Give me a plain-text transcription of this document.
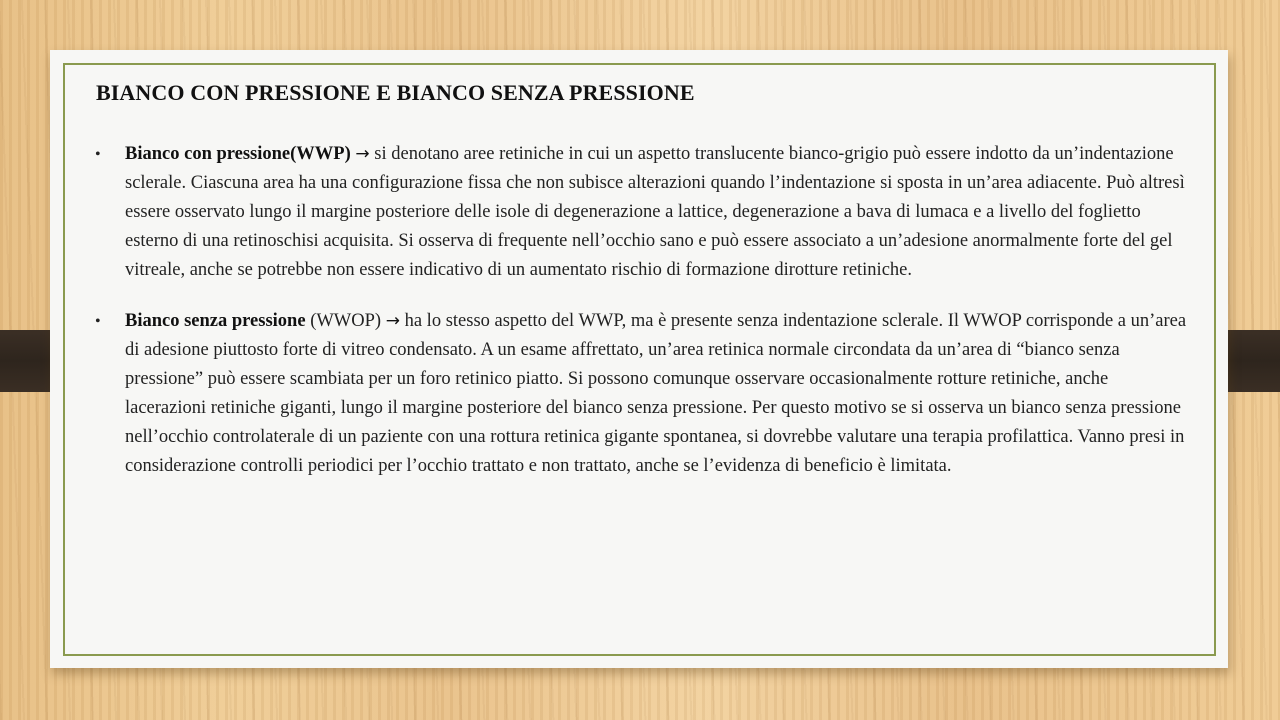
BIANCO CON PRESSIONE E BIANCO SENZA PRESSIONE
• Bianco con pressione(WWP) → si denotano aree retiniche in cui un aspetto translucente bianco-grigio può essere indotto da un’indentazione sclerale. Ciascuna area ha una configurazione fissa che non subisce alterazioni quando l’indentazione si sposta in un’area adiacente. Può altresì essere osservato lungo il margine posteriore delle isole di degenerazione a lattice, degenerazione a bava di lumaca e a livello del foglietto esterno di una retinoschisi acquisita. Si osserva di frequente nell’occhio sano e può essere associato a un’adesione anormalmente forte del gel vitreale, anche se potrebbe non essere indicativo di un aumentato rischio di formazione dirotture retiniche.
• Bianco senza pressione (WWOP) → ha lo stesso aspetto del WWP, ma è presente senza indentazione sclerale. Il WWOP corrisponde a un’area di adesione piuttosto forte di vitreo condensato. A un esame affrettato, un’area retinica normale circondata da un’area di “bianco senza pressione” può essere scambiata per un foro retinico piatto. Si possono comunque osservare occasionalmente rotture retiniche, anche lacerazioni retiniche giganti, lungo il margine posteriore del bianco senza pressione. Per questo motivo se si osserva un bianco senza pressione nell’occhio controlaterale di un paziente con una rottura retinica gigante spontanea, si dovrebbe valutare una terapia profilattica. Vanno presi in considerazione controlli periodici per l’occhio trattato e non trattato, anche se l’evidenza di beneficio è limitata.
